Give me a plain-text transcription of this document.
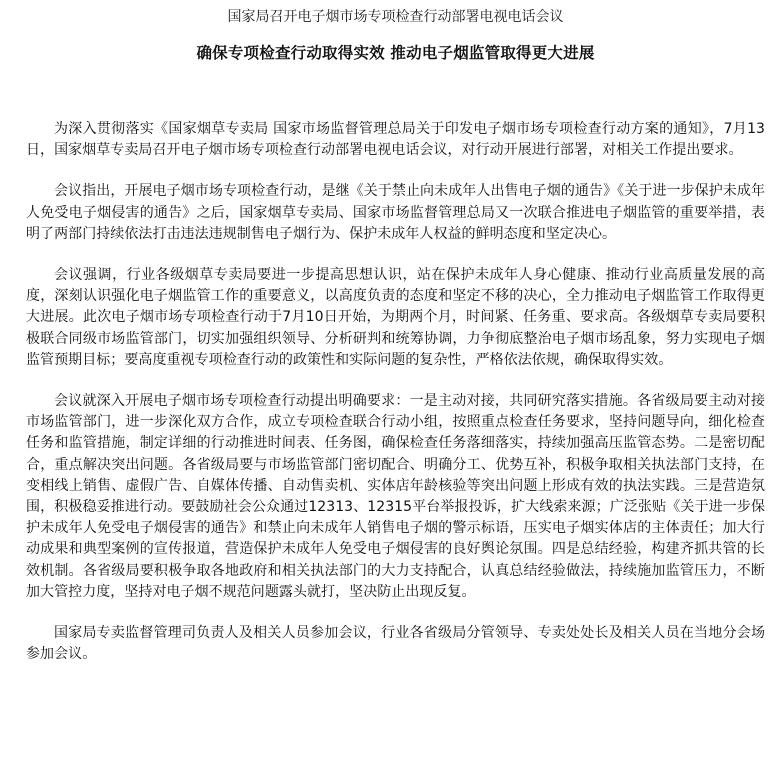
国家局召开电子烟市场专项检查行动部署电视电话会议

确保专项检查行动取得实效 推动电子烟监管取得更大进展

为深入贯彻落实《国家烟草专卖局 国家市场监督管理总局关于印发电子烟市场专项检查行动方案的通知》，7月13日，国家烟草专卖局召开电子烟市场专项检查行动部署电视电话会议，对行动开展进行部署，对相关工作提出要求。

会议指出，开展电子烟市场专项检查行动，是继《关于禁止向未成年人出售电子烟的通告》《关于进一步保护未成年人免受电子烟侵害的通告》之后，国家烟草专卖局、国家市场监督管理总局又一次联合推进电子烟监管的重要举措，表明了两部门持续依法打击违法违规制售电子烟行为、保护未成年人权益的鲜明态度和坚定决心。

会议强调，行业各级烟草专卖局要进一步提高思想认识，站在保护未成年人身心健康、推动行业高质量发展的高度，深刻认识强化电子烟监管工作的重要意义，以高度负责的态度和坚定不移的决心，全力推动电子烟监管工作取得更大进展。此次电子烟市场专项检查行动于7月10日开始，为期两个月，时间紧、任务重、要求高。各级烟草专卖局要积极联合同级市场监管部门，切实加强组织领导、分析研判和统筹协调，力争彻底整治电子烟市场乱象，努力实现电子烟监管预期目标；要高度重视专项检查行动的政策性和实际问题的复杂性，严格依法依规，确保取得实效。

会议就深入开展电子烟市场专项检查行动提出明确要求：一是主动对接，共同研究落实措施。各省级局要主动对接市场监管部门，进一步深化双方合作，成立专项检查联合行动小组，按照重点检查任务要求，坚持问题导向，细化检查任务和监管措施，制定详细的行动推进时间表、任务图，确保检查任务落细落实，持续加强高压监管态势。二是密切配合，重点解决突出问题。各省级局要与市场监管部门密切配合、明确分工、优势互补，积极争取相关执法部门支持，在变相线上销售、虚假广告、自媒体传播、自动售卖机、实体店年龄核验等突出问题上形成有效的执法实践。三是营造氛围，积极稳妥推进行动。要鼓励社会公众通过12313、12315平台举报投诉，扩大线索来源；广泛张贴《关于进一步保护未成年人免受电子烟侵害的通告》和禁止向未成年人销售电子烟的警示标语，压实电子烟实体店的主体责任；加大行动成果和典型案例的宣传报道，营造保护未成年人免受电子烟侵害的良好舆论氛围。四是总结经验，构建齐抓共管的长效机制。各省级局要积极争取各地政府和相关执法部门的大力支持配合，认真总结经验做法，持续施加监管压力，不断加大管控力度，坚持对电子烟不规范问题露头就打，坚决防止出现反复。

国家局专卖监督管理司负责人及相关人员参加会议，行业各省级局分管领导、专卖处处长及相关人员在当地分会场参加会议。
